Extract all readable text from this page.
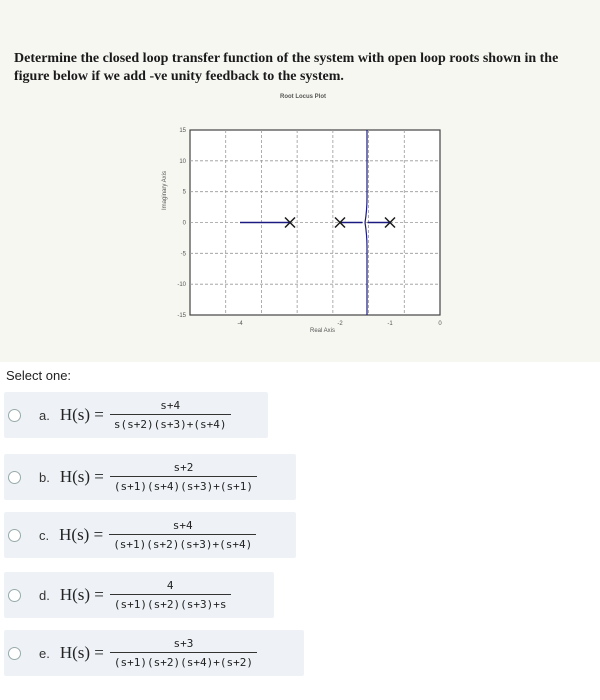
Determine the closed loop transfer function of the system with open loop roots shown in the figure below if we add -ve unity feedback to the system.
15
10
5
0
-5
-10
-15
-4	-2	-1	0
Root Locus Plot
Imaginary Axis
Real Axis
Select one:
a. $H(s) = \frac{s+4}{s(s+2)(s+3)+(s+4)}$
b. $H(s) = \frac{s+2}{(s+1)(s+4)(s+3)+(s+1)}$
c. $H(s) = \frac{s+4}{(s+1)(s+2)(s+3)+(s+4)}$
d. $H(s) = \frac{4}{(s+1)(s+2)(s+3)+s}$
e. $H(s) = \frac{s+3}{(s+1)(s+2)(s+4)+(s+2)}$
